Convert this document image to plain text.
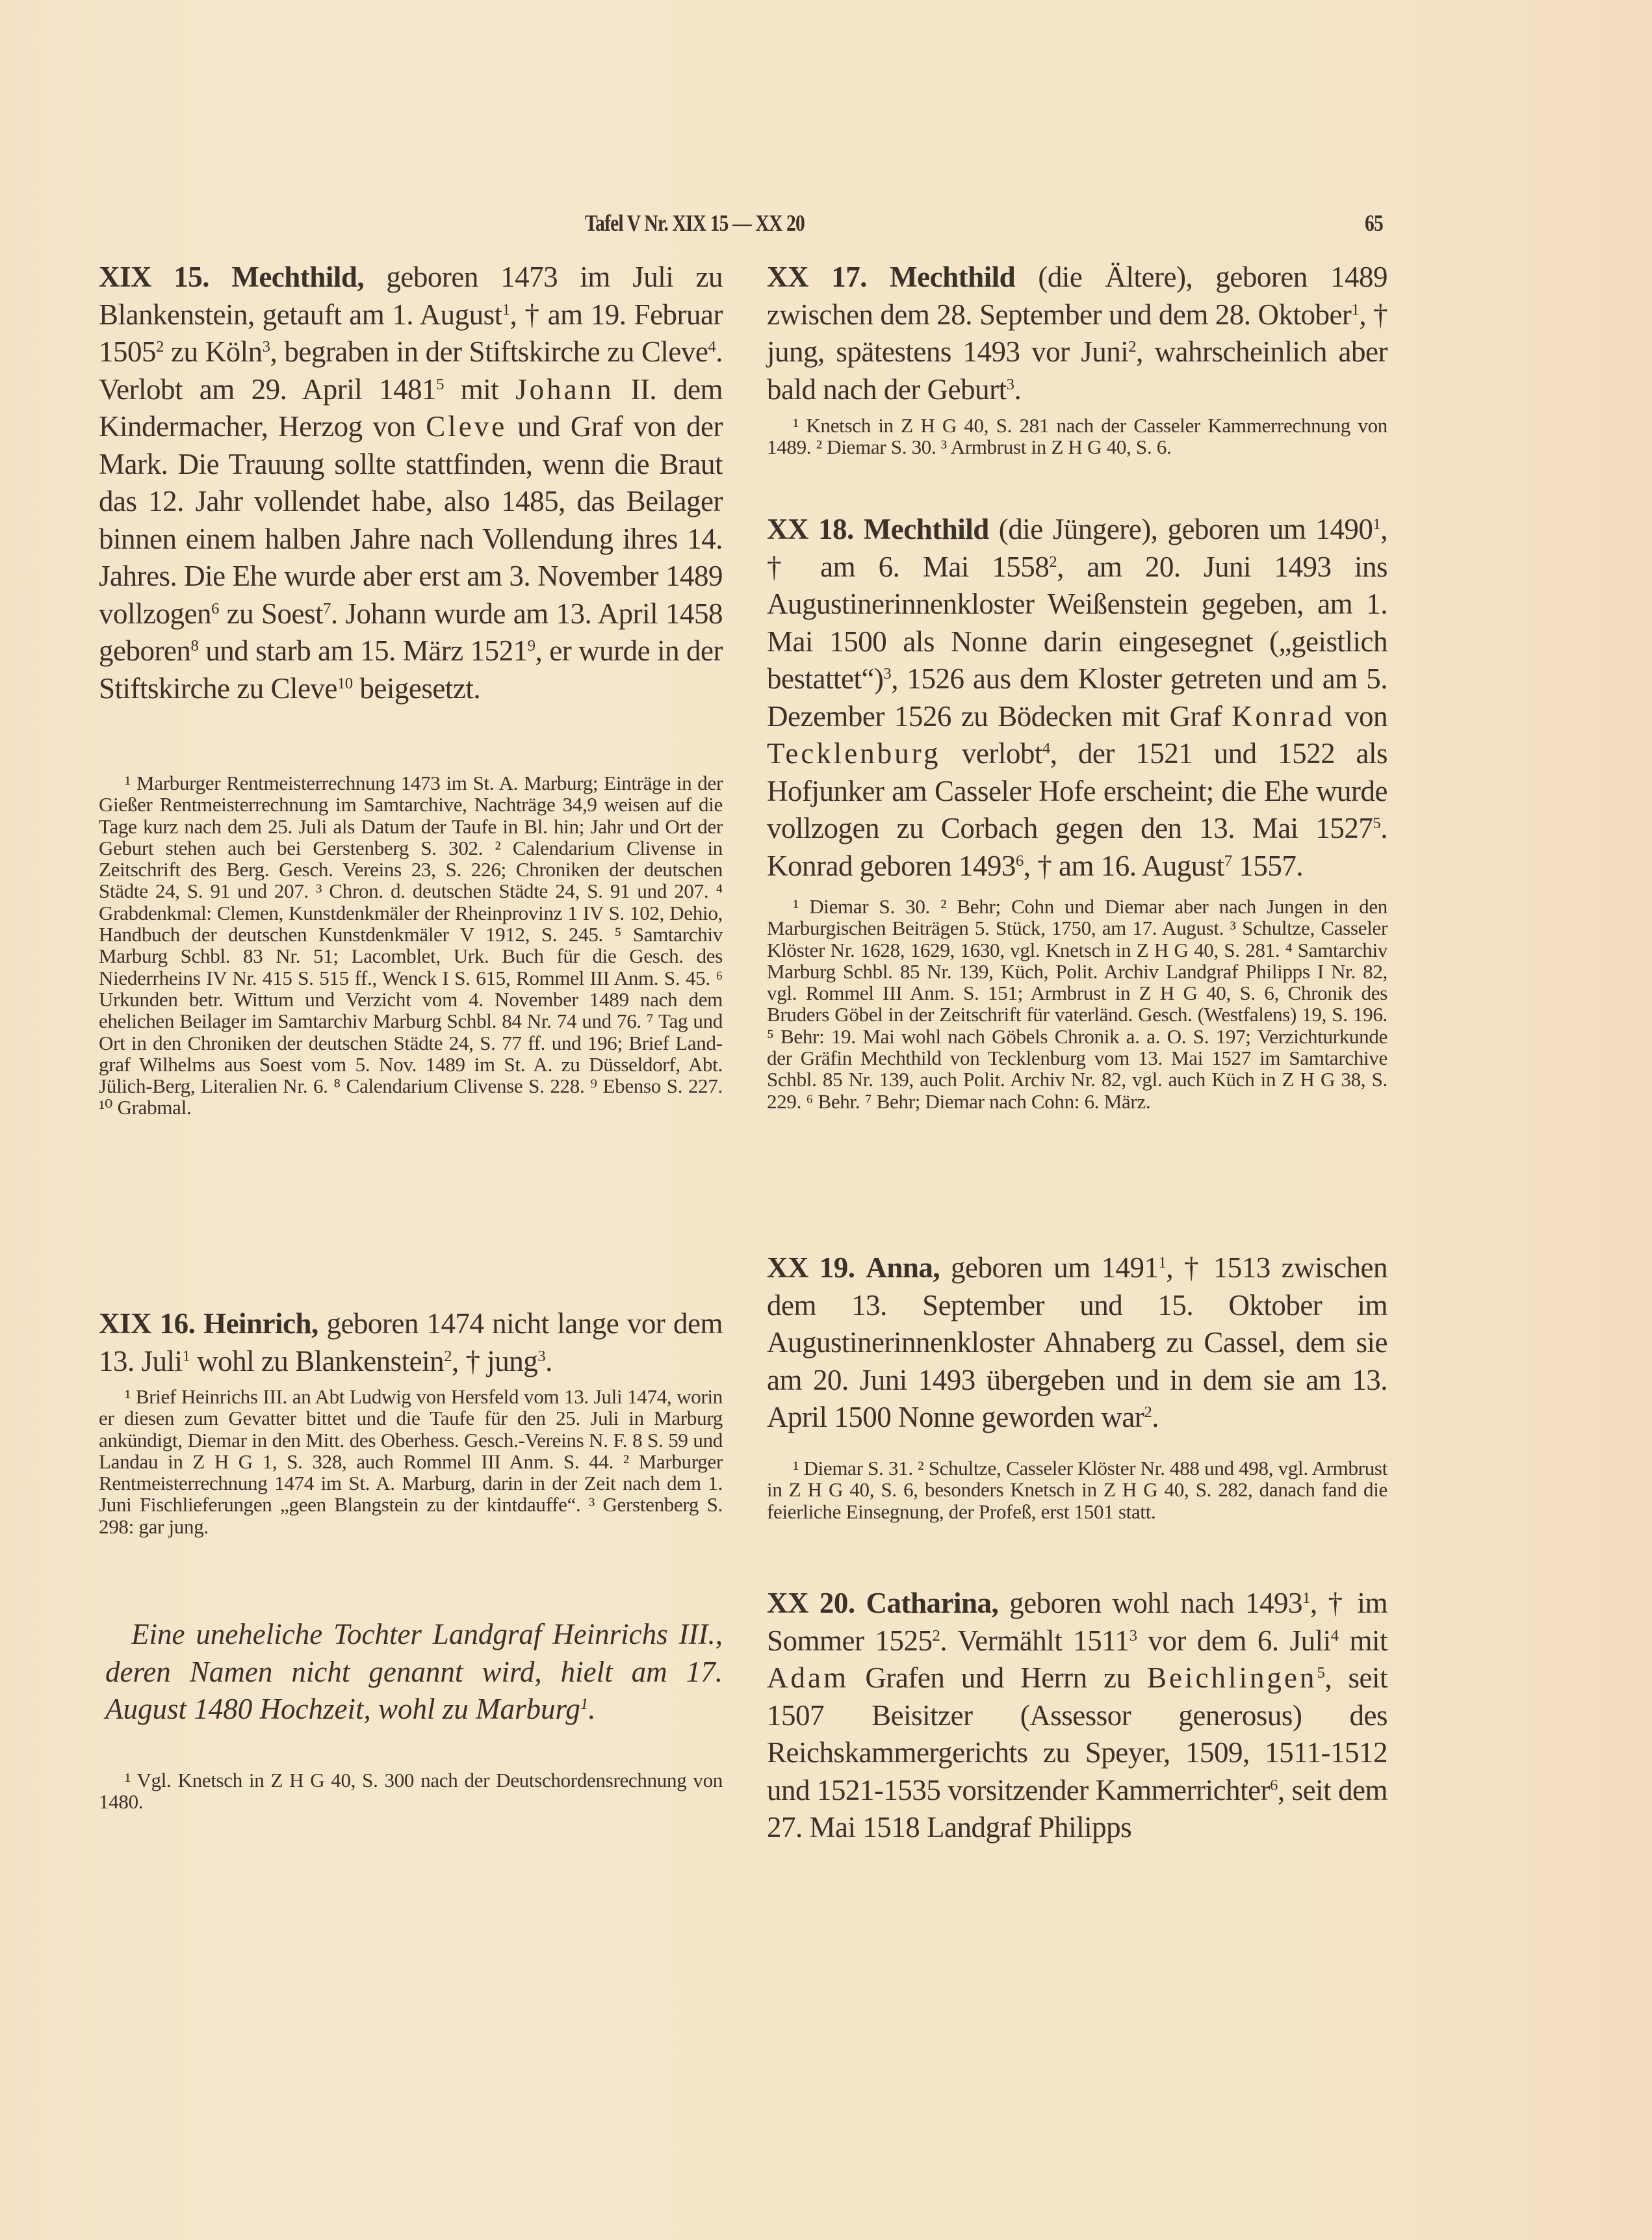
Tafel V Nr. XIX 15 — XX 20	65

XIX 15. Mechthild, geboren 1473 im Juli zu Blankenstein, getauft am 1. August$^1$, † am 19. Februar 1505$^2$ zu Köln$^3$, begraben in der Stiftskirche zu Cleve$^4$. Verlobt am 29. April 1481$^5$ mit Johann II. dem Kindermacher, Herzog von Cleve und Graf von der Mark. Die Trauung sollte stattfinden, wenn die Braut das 12. Jahr vollendet habe, also 1485, das Beilager binnen einem halben Jahre nach Vollendung ihres 14. Jahres. Die Ehe wurde aber erst am 3. November 1489 vollzogen$^6$ zu Soest$^7$. Johann wurde am 13. April 1458 geboren$^8$ und starb am 15. März 1521$^9$, er wurde in der Stiftskirche zu Cleve$^{10}$ beigesetzt.

¹ Marburger Rentmeisterrechnung 1473 im St. A. Marburg; Einträge in der Gießer Rentmeisterrechnung im Samtarchive, Nachträge 34,9 weisen auf die Tage kurz nach dem 25. Juli als Datum der Taufe in Bl. hin; Jahr und Ort der Geburt stehen auch bei Gerstenberg S. 302. ² Calendarium Clivense in Zeitschrift des Berg. Gesch. Vereins 23, S. 226; Chroniken der deutschen Städte 24, S. 91 und 207. ³ Chron. d. deutschen Städte 24, S. 91 und 207. ⁴ Grabdenkmal: Clemen, Kunstdenkmäler der Rheinprovinz 1 IV S. 102, Dehio, Handbuch der deutschen Kunstdenkmäler V 1912, S. 245. ⁵ Samtarchiv Marburg Schbl. 83 Nr. 51; Lacomblet, Urk. Buch für die Gesch. des Niederrheins IV Nr. 415 S. 515 ff., Wenck I S. 615, Rommel III Anm. S. 45. ⁶ Urkunden betr. Wittum und Verzicht vom 4. November 1489 nach dem ehelichen Beilager im Samtarchiv Marburg Schbl. 84 Nr. 74 und 76. ⁷ Tag und Ort in den Chroniken der deutschen Städte 24, S. 77 ff. und 196; Brief Landgraf Wilhelms aus Soest vom 5. Nov. 1489 im St. A. zu Düsseldorf, Abt. Jülich-Berg, Literalien Nr. 6. ⁸ Calendarium Clivense S. 228. ⁹ Ebenso S. 227. ¹⁰ Grabmal.

XIX 16. Heinrich, geboren 1474 nicht lange vor dem 13. Juli$^1$ wohl zu Blankenstein$^2$, † jung$^3$.

¹ Brief Heinrichs III. an Abt Ludwig von Hersfeld vom 13. Juli 1474, worin er diesen zum Gevatter bittet und die Taufe für den 25. Juli in Marburg ankündigt, Diemar in den Mitt. des Oberhess. Gesch.-Vereins N. F. 8 S. 59 und Landau in Z H G 1, S. 328, auch Rommel III Anm. S. 44. ² Marburger Rentmeisterrechnung 1474 im St. A. Marburg, darin in der Zeit nach dem 1. Juni Fischlieferungen „geen Blangstein zu der kintdauffe“. ³ Gerstenberg S. 298: gar jung.

Eine uneheliche Tochter Landgraf Heinrichs III., deren Namen nicht genannt wird, hielt am 17. August 1480 Hochzeit, wohl zu Marburg$^1$.

¹ Vgl. Knetsch in Z H G 40, S. 300 nach der Deutschordensrechnung von 1480.

XX 17. Mechthild (die Ältere), geboren 1489 zwischen dem 28. September und dem 28. Oktober$^1$, † jung, spätestens 1493 vor Juni$^2$, wahrscheinlich aber bald nach der Geburt$^3$.

¹ Knetsch in Z H G 40, S. 281 nach der Casseler Kammerrechnung von 1489. ² Diemar S. 30. ³ Armbrust in Z H G 40, S. 6.

XX 18. Mechthild (die Jüngere), geboren um 1490$^1$, † am 6. Mai 1558$^2$, am 20. Juni 1493 ins Augustinerinnenkloster Weißenstein gegeben, am 1. Mai 1500 als Nonne darin eingesegnet („geistlich bestattet“)$^3$, 1526 aus dem Kloster getreten und am 5. Dezember 1526 zu Bödecken mit Graf Konrad von Tecklenburg verlobt$^4$, der 1521 und 1522 als Hofjunker am Casseler Hofe erscheint; die Ehe wurde vollzogen zu Corbach gegen den 13. Mai 1527$^5$. Konrad geboren 1493$^6$, † am 16. August$^7$ 1557.

¹ Diemar S. 30. ² Behr; Cohn und Diemar aber nach Jungen in den Marburgischen Beiträgen 5. Stück, 1750, am 17. August. ³ Schultze, Casseler Klöster Nr. 1628, 1629, 1630, vgl. Knetsch in Z H G 40, S. 281. ⁴ Samtarchiv Marburg Schbl. 85 Nr. 139, Küch, Polit. Archiv Landgraf Philipps I Nr. 82, vgl. Rommel III Anm. S. 151; Armbrust in Z H G 40, S. 6, Chronik des Bruders Göbel in der Zeitschrift für vaterländ. Gesch. (Westfalens) 19, S. 196. ⁵ Behr: 19. Mai wohl nach Göbels Chronik a. a. O. S. 197; Verzichturkunde der Gräfin Mechthild von Tecklenburg vom 13. Mai 1527 im Samtarchive Schbl. 85 Nr. 139, auch Polit. Archiv Nr. 82, vgl. auch Küch in Z H G 38, S. 229. ⁶ Behr. ⁷ Behr; Diemar nach Cohn: 6. März.

XX 19. Anna, geboren um 1491$^1$, † 1513 zwischen dem 13. September und 15. Oktober im Augustinerinnenkloster Ahnaberg zu Cassel, dem sie am 20. Juni 1493 übergeben und in dem sie am 13. April 1500 Nonne geworden war$^2$.

¹ Diemar S. 31. ² Schultze, Casseler Klöster Nr. 488 und 498, vgl. Armbrust in Z H G 40, S. 6, besonders Knetsch in Z H G 40, S. 282, danach fand die feierliche Einsegnung, der Profeß, erst 1501 statt.

XX 20. Catharina, geboren wohl nach 1493$^1$, † im Sommer 1525$^2$. Vermählt 1511$^3$ vor dem 6. Juli$^4$ mit Adam Grafen und Herrn zu Beichlingen$^5$, seit 1507 Beisitzer (Assessor generosus) des Reichskammergerichts zu Speyer, 1509, 1511-1512 und 1521-1535 vorsitzender Kammerrichter$^6$, seit dem 27. Mai 1518 Landgraf Philipps
